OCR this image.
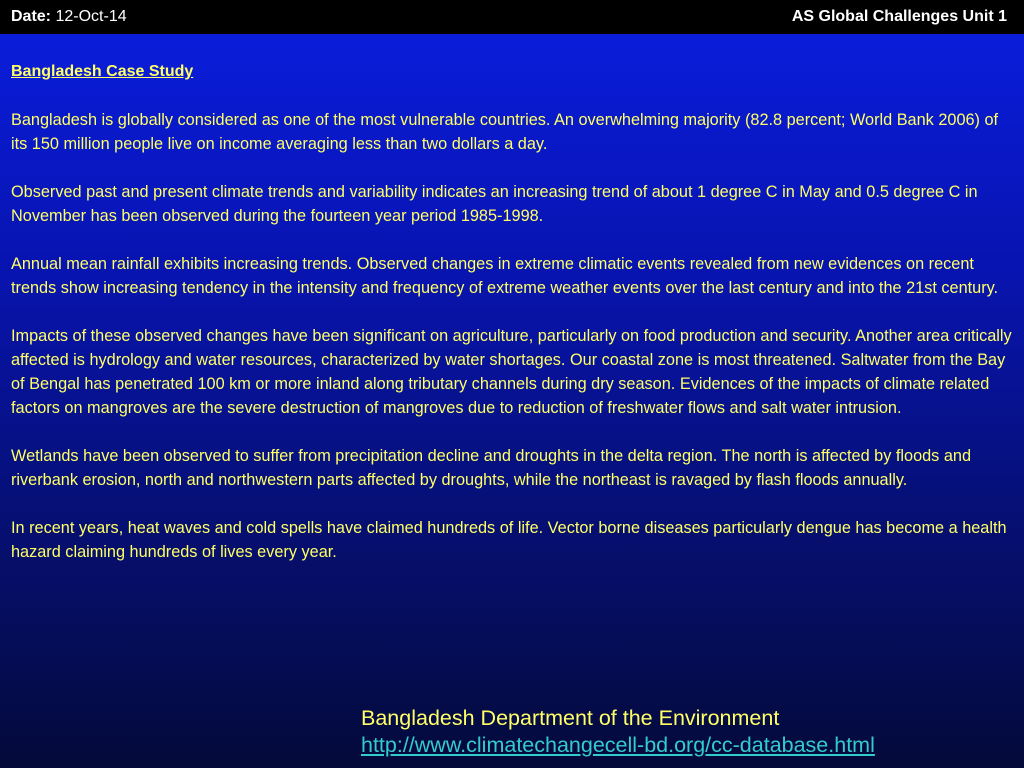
Date: 12-Oct-14	AS Global Challenges Unit 1

Bangladesh Case Study

Bangladesh is globally considered as one of the most vulnerable countries. An overwhelming majority (82.8 percent; World Bank 2006) of its 150 million people live on income averaging less than two dollars a day.

Observed past and present climate trends and variability indicates an increasing trend of about 1 degree C in May and 0.5 degree C in November has been observed during the fourteen year period 1985-1998.

Annual mean rainfall exhibits increasing trends. Observed changes in extreme climatic events revealed from new evidences on recent trends show increasing tendency in the intensity and frequency of extreme weather events over the last century and into the 21st century.

Impacts of these observed changes have been significant on agriculture, particularly on food production and security. Another area critically affected is hydrology and water resources, characterized by water shortages. Our coastal zone is most threatened. Saltwater from the Bay of Bengal has penetrated 100 km or more inland along tributary channels during dry season. Evidences of the impacts of climate related factors on mangroves are the severe destruction of mangroves due to reduction of freshwater flows and salt water intrusion.

Wetlands have been observed to suffer from precipitation decline and droughts in the delta region. The north is affected by floods and riverbank erosion, north and northwestern parts affected by droughts, while the northeast is ravaged by flash floods annually.

In recent years, heat waves and cold spells have claimed hundreds of life. Vector borne diseases particularly dengue has become a health hazard claiming hundreds of lives every year.

Bangladesh Department of the Environment
http://www.climatechangecell-bd.org/cc-database.html
